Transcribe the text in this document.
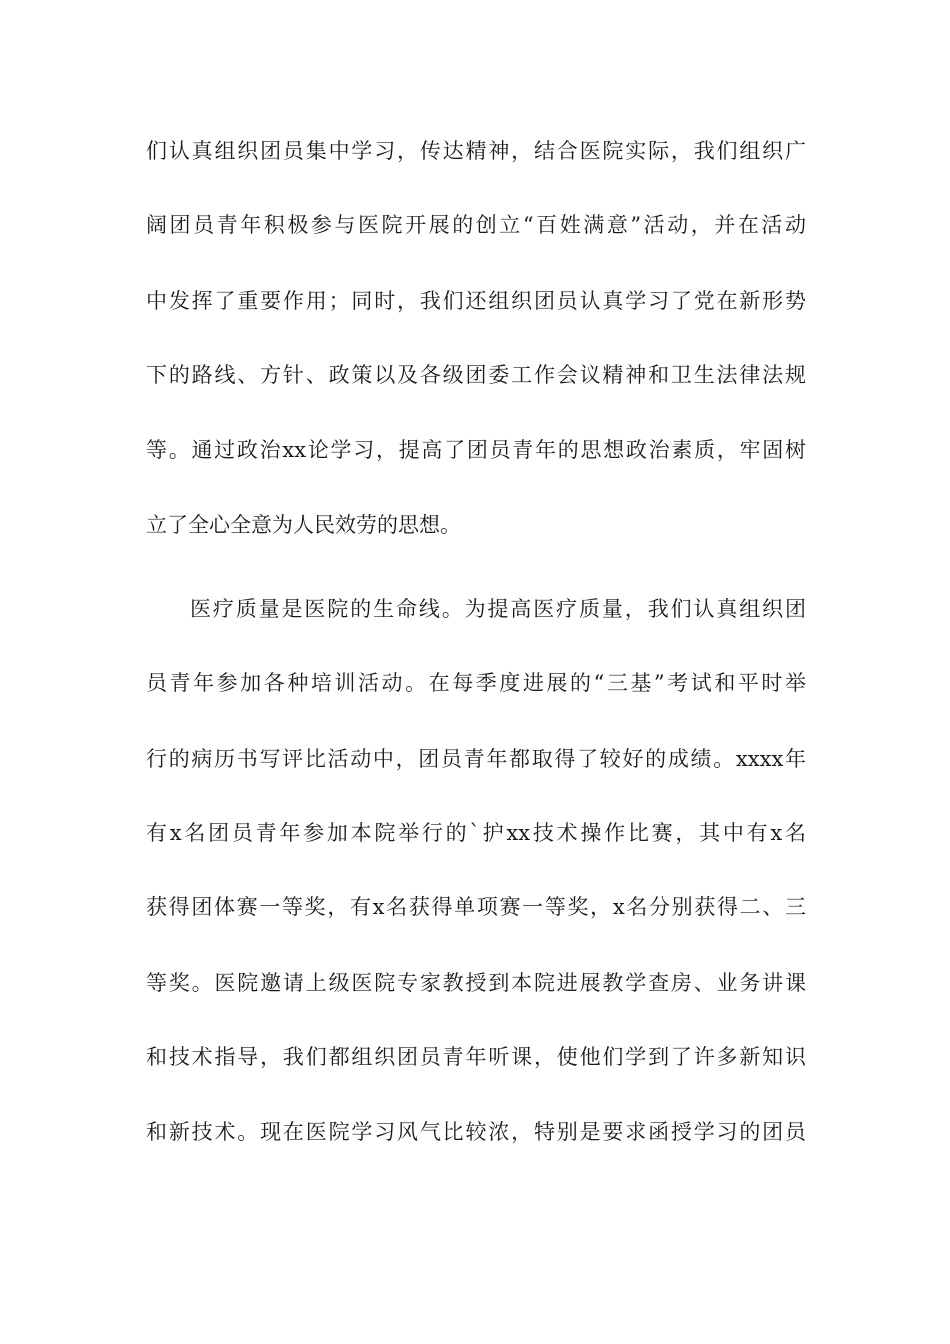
们认真组织团员集中学习，传达精神，结合医院实际，我们组织广
阔团员青年积极参与医院开展的创立“百姓满意”活动，并在活动
中发挥了重要作用；同时，我们还组织团员认真学习了党在新形势
下的路线、方针、政策以及各级团委工作会议精神和卫生法律法规
等。通过政治xx论学习，提高了团员青年的思想政治素质，牢固树
立了全心全意为人民效劳的思想。
医疗质量是医院的生命线。为提高医疗质量，我们认真组织团
员青年参加各种培训活动。在每季度进展的“三基”考试和平时举
行的病历书写评比活动中，团员青年都取得了较好的成绩。xxxx年
有x名团员青年参加本院举行的`护xx技术操作比赛，其中有x名
获得团体赛一等奖，有x名获得单项赛一等奖，x名分别获得二、三
等奖。医院邀请上级医院专家教授到本院进展教学查房、业务讲课
和技术指导，我们都组织团员青年听课，使他们学到了许多新知识
和新技术。现在医院学习风气比较浓，特别是要求函授学习的团员
